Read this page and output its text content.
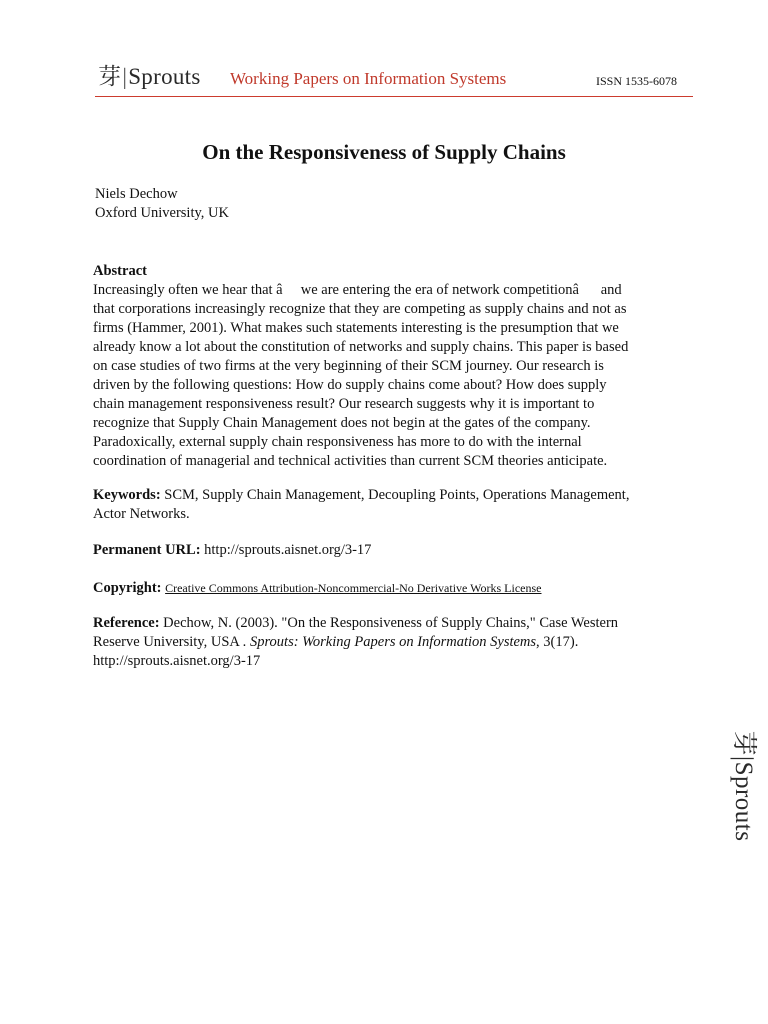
芽|Sprouts Working Papers on Information Systems	ISSN 1535-6078
On the Responsiveness of Supply Chains
Niels Dechow
Oxford University, UK
Abstract
Increasingly often we hear that â     we are entering the era of network competitionâ      and
that corporations increasingly recognize that they are competing as supply chains and not as
firms (Hammer, 2001). What makes such statements interesting is the presumption that we
already know a lot about the constitution of networks and supply chains. This paper is based
on case studies of two firms at the very beginning of their SCM journey. Our research is
driven by the following questions: How do supply chains come about? How does supply
chain management responsiveness result? Our research suggests why it is important to
recognize that Supply Chain Management does not begin at the gates of the company.
Paradoxically, external supply chain responsiveness has more to do with the internal
coordination of managerial and technical activities than current SCM theories anticipate.
Keywords: SCM, Supply Chain Management, Decoupling Points, Operations Management,
Actor Networks.
Permanent URL: http://sprouts.aisnet.org/3-17
Copyright: Creative Commons Attribution-Noncommercial-No Derivative Works License
Reference: Dechow, N. (2003). "On the Responsiveness of Supply Chains," Case Western
Reserve University, USA . Sprouts: Working Papers on Information Systems, 3(17).
http://sprouts.aisnet.org/3-17
芽|Sprouts
